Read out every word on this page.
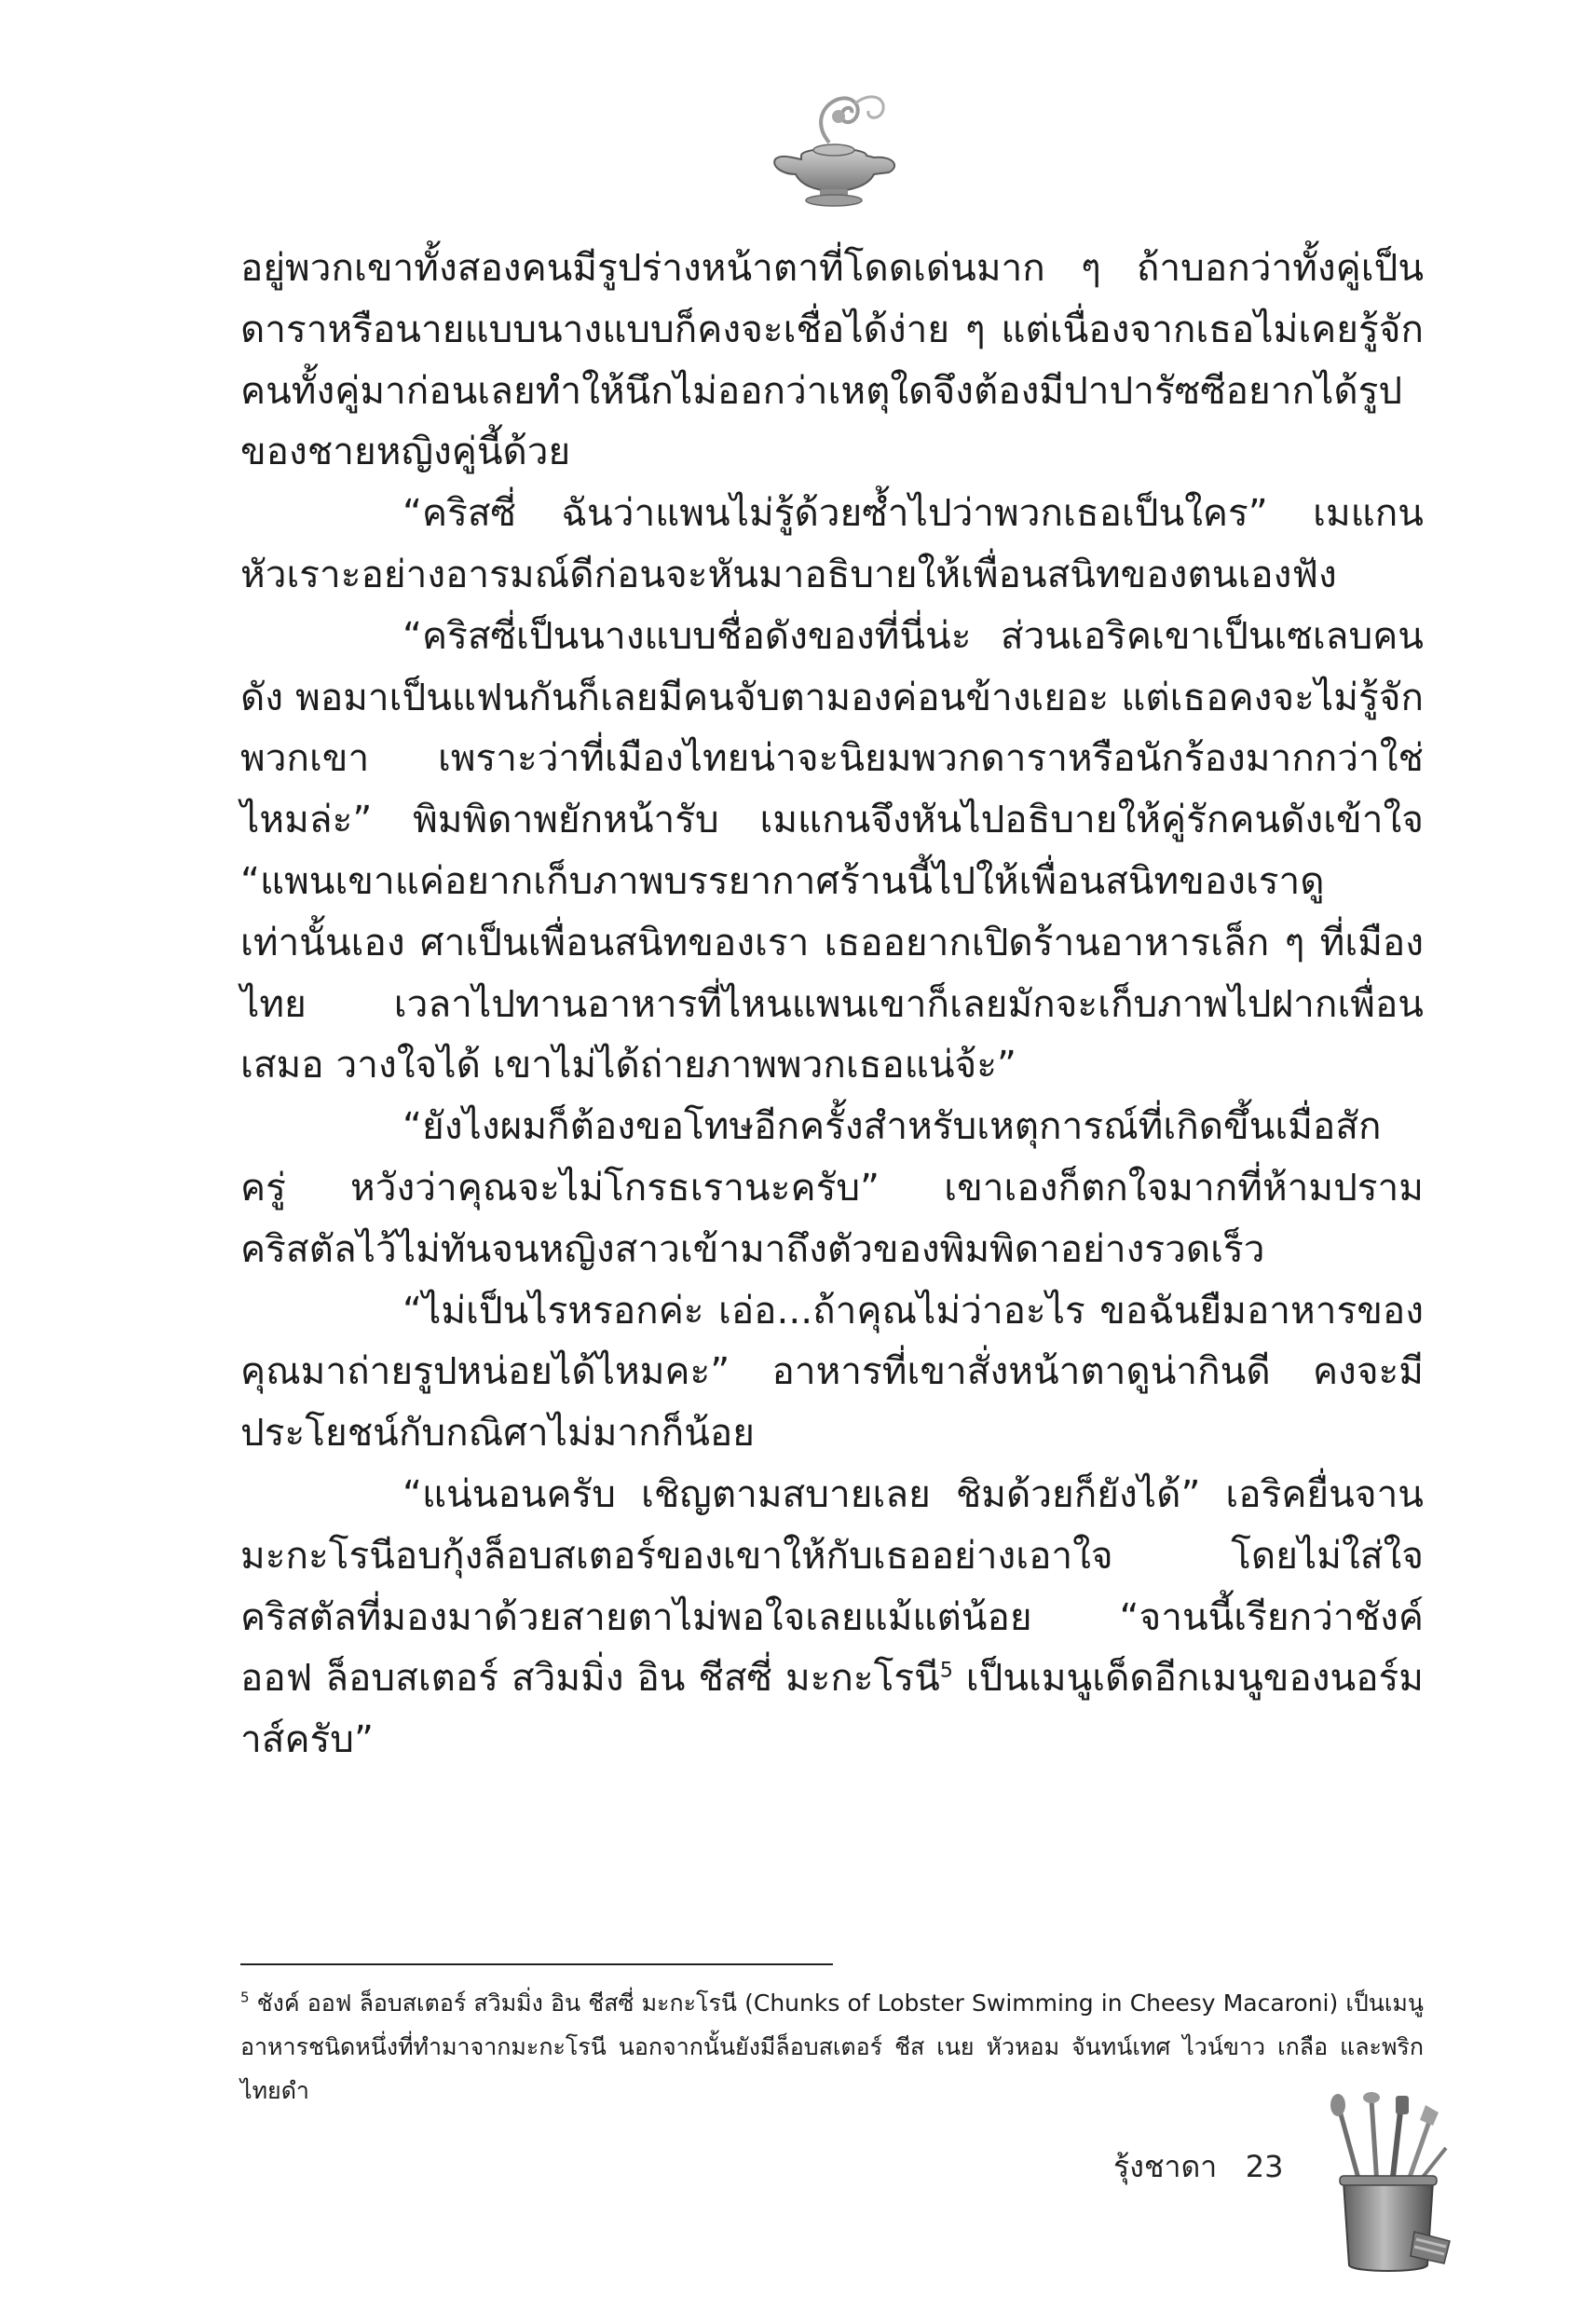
อยู่พวกเขาทั้งสองคนมีรูปร่างหน้าตาที่โดดเด่นมาก ๆ ถ้าบอกว่าทั้งคู่เป็นดาราหรือนายแบบนางแบบก็คงจะเชื่อได้ง่าย ๆ แต่เนื่องจากเธอไม่เคยรู้จักคนทั้งคู่มาก่อนเลยทำให้นึกไม่ออกว่าเหตุใดจึงต้องมีปาปารัซซีอยากได้รูปของชายหญิงคู่นี้ด้วย

“คริสซี่ ฉันว่าแพนไม่รู้ด้วยซ้ำไปว่าพวกเธอเป็นใคร” เมแกนหัวเราะอย่างอารมณ์ดีก่อนจะหันมาอธิบายให้เพื่อนสนิทของตนเองฟัง

“คริสซี่เป็นนางแบบชื่อดังของที่นี่น่ะ ส่วนเอริคเขาเป็นเซเลบคนดัง พอมาเป็นแฟนกันก็เลยมีคนจับตามองค่อนข้างเยอะ แต่เธอคงจะไม่รู้จักพวกเขา เพราะว่าที่เมืองไทยน่าจะนิยมพวกดาราหรือนักร้องมากกว่าใช่ไหมล่ะ” พิมพิดาพยักหน้ารับ เมแกนจึงหันไปอธิบายให้คู่รักคนดังเข้าใจ “แพนเขาแค่อยากเก็บภาพบรรยากาศร้านนี้ไปให้เพื่อนสนิทของเราดูเท่านั้นเอง ศาเป็นเพื่อนสนิทของเรา เธออยากเปิดร้านอาหารเล็ก ๆ ที่เมืองไทย เวลาไปทานอาหารที่ไหนแพนเขาก็เลยมักจะเก็บภาพไปฝากเพื่อนเสมอ วางใจได้ เขาไม่ได้ถ่ายภาพพวกเธอแน่จ้ะ”

“ยังไงผมก็ต้องขอโทษอีกครั้งสำหรับเหตุการณ์ที่เกิดขึ้นเมื่อสักครู่ หวังว่าคุณจะไม่โกรธเรานะครับ” เขาเองก็ตกใจมากที่ห้ามปรามคริสตัลไว้ไม่ทันจนหญิงสาวเข้ามาถึงตัวของพิมพิดาอย่างรวดเร็ว

“ไม่เป็นไรหรอกค่ะ เอ่อ...ถ้าคุณไม่ว่าอะไร ขอฉันยืมอาหารของคุณมาถ่ายรูปหน่อยได้ไหมคะ” อาหารที่เขาสั่งหน้าตาดูน่ากินดี คงจะมีประโยชน์กับกณิศาไม่มากก็น้อย

“แน่นอนครับ เชิญตามสบายเลย ชิมด้วยก็ยังได้” เอริคยื่นจานมะกะโรนีอบกุ้งล็อบสเตอร์ของเขาให้กับเธออย่างเอาใจ โดยไม่ใส่ใจคริสตัลที่มองมาด้วยสายตาไม่พอใจเลยแม้แต่น้อย “จานนี้เรียกว่าชังค์ ออฟ ล็อบสเตอร์ สวิมมิ่ง อิน ชีสซี่ มะกะโรนี$^5$ เป็นเมนูเด็ดอีกเมนูของนอร์มาส์ครับ”

$^5$ ชังค์ ออฟ ล็อบสเตอร์ สวิมมิ่ง อิน ชีสซี่ มะกะโรนี (Chunks of Lobster Swimming in Cheesy Macaroni) เป็นเมนูอาหารชนิดหนึ่งที่ทำมาจากมะกะโรนี นอกจากนั้นยังมีล็อบสเตอร์ ชีส เนย หัวหอม จันทน์เทศ ไวน์ขาว เกลือ และพริกไทยดำ
รุ้งชาดา 23
